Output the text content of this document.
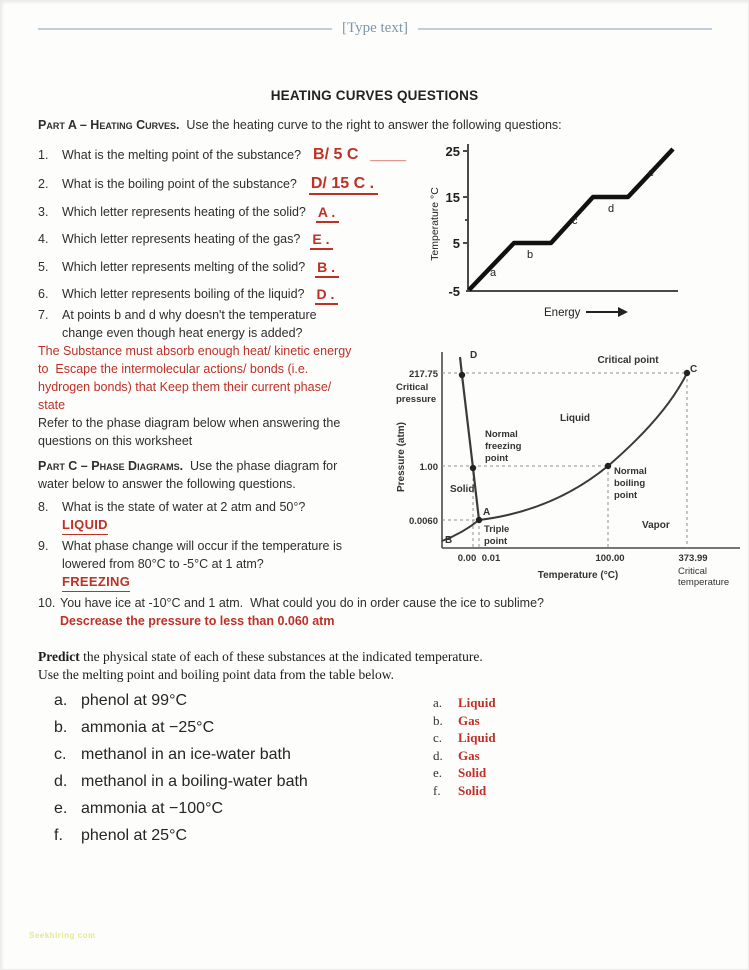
[Type text]
HEATING CURVES QUESTIONS
Part A – Heating Curves.  Use the heating curve to the right to answer the following questions:
1.	What is the melting point of the substance? B/ 5 C ____
2.	What is the boiling point of the substance? D/ 15 C .
3.	Which letter represents heating of the solid? A .
4.	Which letter represents heating of the gas? E .
5.	Which letter represents melting of the solid? B .
6.	Which letter represents boiling of the liquid? D .
7.	At points b and d why doesn't the temperature
change even though heat energy is added?
The Substance must absorb enough heat/ kinetic energy
to  Escape the intermolecular actions/ bonds (i.e.
hydrogen bonds) that Keep them their current phase/
state
Refer to the phase diagram below when answering the
questions on this worksheet
Part C – Phase Diagrams.  Use the phase diagram for
water below to answer the following questions.
8.	What is the state of water at 2 atm and 50°?
LIQUID
9.	What phase change will occur if the temperature is
lowered from 80°C to -5°C at 1 atm?
FREEZING
10. You have ice at -10°C and 1 atm.  What could you do in order cause the ice to sublime?
Descrease the pressure to less than 0.060 atm
Predict the physical state of each of these substances at the indicated temperature.
Use the melting point and boiling point data from the table below.
a. phenol at 99°C
b. ammonia at −25°C
c. methanol in an ice-water bath
d. methanol in a boiling-water bath
e. ammonia at −100°C
f.	phenol at 25°C
a.	Liquid
b.	Gas
c.	Liquid
d.	Gas
e.	Solid
f.	Solid
25
15
5
-5
Temperature °C
a
b
c
d
e
Energy
217.75
Critical
pressure
1.00
0.0060
Pressure (atm)
0.00 0.01	100.00	373.99
Temperature (°C)	Critical
temperature
Solid
Liquid
Vapor
D
C
A
B
Critical point
Normal
freezing
point
Normal
boiling
point
Triple
point
Seekhiring com
